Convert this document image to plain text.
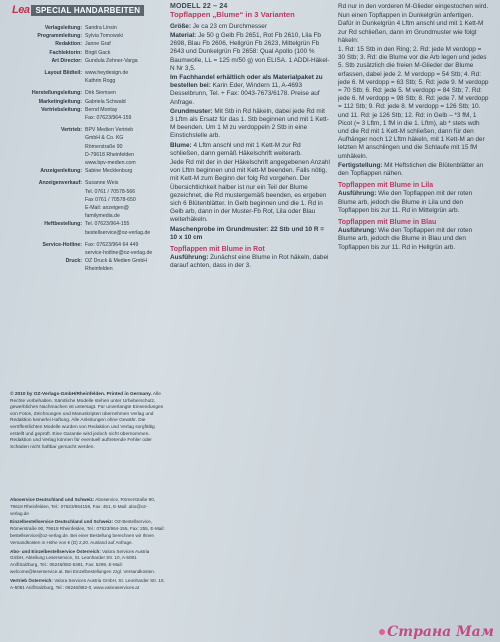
Lea SPECIAL HANDARBEITEN
Verlagsleitung: Sandra Linsin
Programmleitung: Sylvia Tomowski
Redaktion: Janne Graf
Fachlektorin: Birgit Gack
Art Director: Gundula Zehner-Varga
Layout Bildteil: www.heydesign.de
Kathrin Rogg
Herstellungsleitung: Dirk Siemsen
Marketingleitung: Gabriela Schwald
Vertriebsleitung: Bernd Montay
Fax: 07623/964-159
Vertrieb: BPV Medien Vertrieb
GmbH & Co. KG
Römerstraße 90
D-79618 Rheinfelden
www.bpv-medien.com
Anzeigenleitung: Sabine Mecklenburg
Anzeigenverkauf: Susanne Weis
Tel. 0761 / 70578-566
Fax 0761 / 70578-650
E-Mail: anzeigen@
familymedia.de
Heftbestellung: Tel. 07623/964-155
bestellservice@oz-verlag.de
Service-Hotline: Fax: 07623/964 64 449
service-hotline@oz-verlag.de
Druck: OZ Druck & Medien GmbH
Rheinfelden
© 2010 by OZ-Verlags-GmbH/Rheinfelden. Printed in Germany. Alle Rechte vorbehalten. Sämtliche Modelle stehen unter Urheberschutz, gewerbliches Nachmachen ist untersagt. Für unverlangte Einsendungen von Fotos, Zeichnungen und Manuskripten übernehmen Verlag und Redaktion keinerlei Haftung. Alle Anleitungen ohne Gewähr. Die veröffentlichten Modelle wurden von Redaktion und Verlag sorgfältig erstellt und geprüft. Eine Garantie wird jedoch nicht übernommen. Redaktion und Verlag können für eventuell auftretende Fehler oder Schäden nicht haftbar gemacht werden.

Aboservice Deutschland und Schweiz: Aboservice, Römerstraße 90, 79618 Rheinfelden, Tel.: 07623/964156, Fax: 451, E-Mail: abo@oz-verlag.de

Einzelbestellservice Deutschland und Schweiz: OZ-Bestellservice, Römerstraße 90, 79618 Rheinfelden, Tel.: 07623/964-155, Fax: 255, E-Mail: bestellservice@oz-verlag.de. Bei einer Bestellung berechnen wir Ihnen Versandkosten in Höhe von € (D) 2,20. Ausland auf Anfrage.

Abo- und Einzelbestellservice Österreich: Valora Services Austria GmbH, Abteilung Leserservice, St. Leonharder Str. 10, A-5081 Anif/Salzburg, Tel.: 06246/882-5381, Fax: 5299, E-Mail: welcome@leserservice.at. Bei Einzelbestellungen zzgl. Versandkosten.

Vertrieb Österreich: Valora Services Austria GmbH, St. Leonharder Str. 10, A-5081 Anif/Salzburg, Tel.: 06246/882-0, www.valoraservices.at

MODELL 22 – 24
Topflappen „Blume“ in 3 Varianten

Größe: Je ca 23 cm Durchmesser

Material: Je 50 g Gelb Fb 2651, Rot Fb 2610, Lila Fb 2698, Blau Fb 2606, Hellgrün Fb 2623, Mittelgrün Fb 2643 und Dunkelgrün Fb 2658: Qual Apollo (100 % Baumwolle, LL = 125 m/50 g) von ELISA. 1 ADDI-Häkel-N Nr 3,5.

Im Fachhandel erhältlich oder als Materialpaket zu bestellen bei: Karin Eder, Windern 11, A-4693 Desselbrunn, Tel. + Fax: 0043-7673/6178. Preise auf Anfrage.

Grundmuster: Mit Stb in Rd häkeln, dabei jede Rd mit 3 Lftm als Ersatz für das 1. Stb beginnen und mit 1 Kett-M beenden. Um 1 M zu verdoppeln 2 Stb in eine Einstichstelle arb.

Blume: 4 Lftm anschl und mit 1 Kett-M zur Rd schließen, dann gemäß Häkelschrift weiterarb.

Jede Rd mit der in der Häkelschrift angegebenen Anzahl von Lftm beginnen und mit Kett-M beenden. Falls nötig, mit Kett-M zum Beginn der folg Rd vorgehen. Der Übersichtlichkeit halber ist nur ein Teil der Blume gezeichnet, die Rd mustergemäß beenden, es ergeben sich 6 Blütenblätter. In Gelb beginnen und die 1. Rd in Gelb arb, dann in der Muster-Fb Rot, Lila oder Blau weiterhäkeln.

Maschenprobe im Grundmuster: 22 Stb und 10 R = 10 x 10 cm

Topflappen mit Blume in Rot

Ausführung: Zunächst eine Blume in Rot häkeln, dabei darauf achten, dass in der 3.

Rd nur in den vorderen M-Glieder eingestochen wird.

Nun einen Topflappen in Dunkelgrün anfertigen. Dafür in Dunkelgrün 4 Lftm anschl und mit 1 Kett-M zur Rd schließen, dann im Grundmuster wie folgt häkeln:

1. Rd: 15 Stb in den Ring; 2. Rd: jede M verdopp = 30 Stb; 3. Rd: die Blume vor die Arb legen und jedes 5. Stb zusätzlich die freien M-Glieder der Blume erfassen, dabei jede 2. M verdopp = 54 Stb; 4. Rd: jede 6. M verdopp = 63 Stb; 5. Rd: jede 9. M verdopp = 70 Stb; 6. Rd: jede 5. M verdopp = 84 Stb; 7. Rd: jede 6. M verdopp = 98 Stb; 8. Rd: jede 7. M verdopp = 112 Stb; 9. Rd: jede 8. M verdopp = 126 Stb; 10. und 11. Rd: je 126 Stb; 12. Rd: in Gelb – *3 fM, 1 Picot (= 3 Lftm, 1 fM in die 1. Lftm), ab * stets wdh und die Rd mit 1 Kett-M schließen, dann für den Aufhänger noch 12 Lftm häkeln, mit 1 Kett-M an der letzten M anschlingen und die Schlaufe mit 15 fM umhäkeln.

Fertigstellung: Mit Heftstichen die Blütenblätter an den Topflappen nähen.

Topflappen mit Blume in Lila

Ausführung: Wie den Topflappen mit der roten Blume arb, jedoch die Blume in Lila und den Topflappen bis zur 11. Rd in Mittelgrün arb.

Topflappen mit Blume in Blau

Ausführung: Wie den Topflappen mit der roten Blume arb, jedoch die Blume in Blau und den Topflappen bis zur 11. Rd in Hellgrün arb.

Страна Мам
